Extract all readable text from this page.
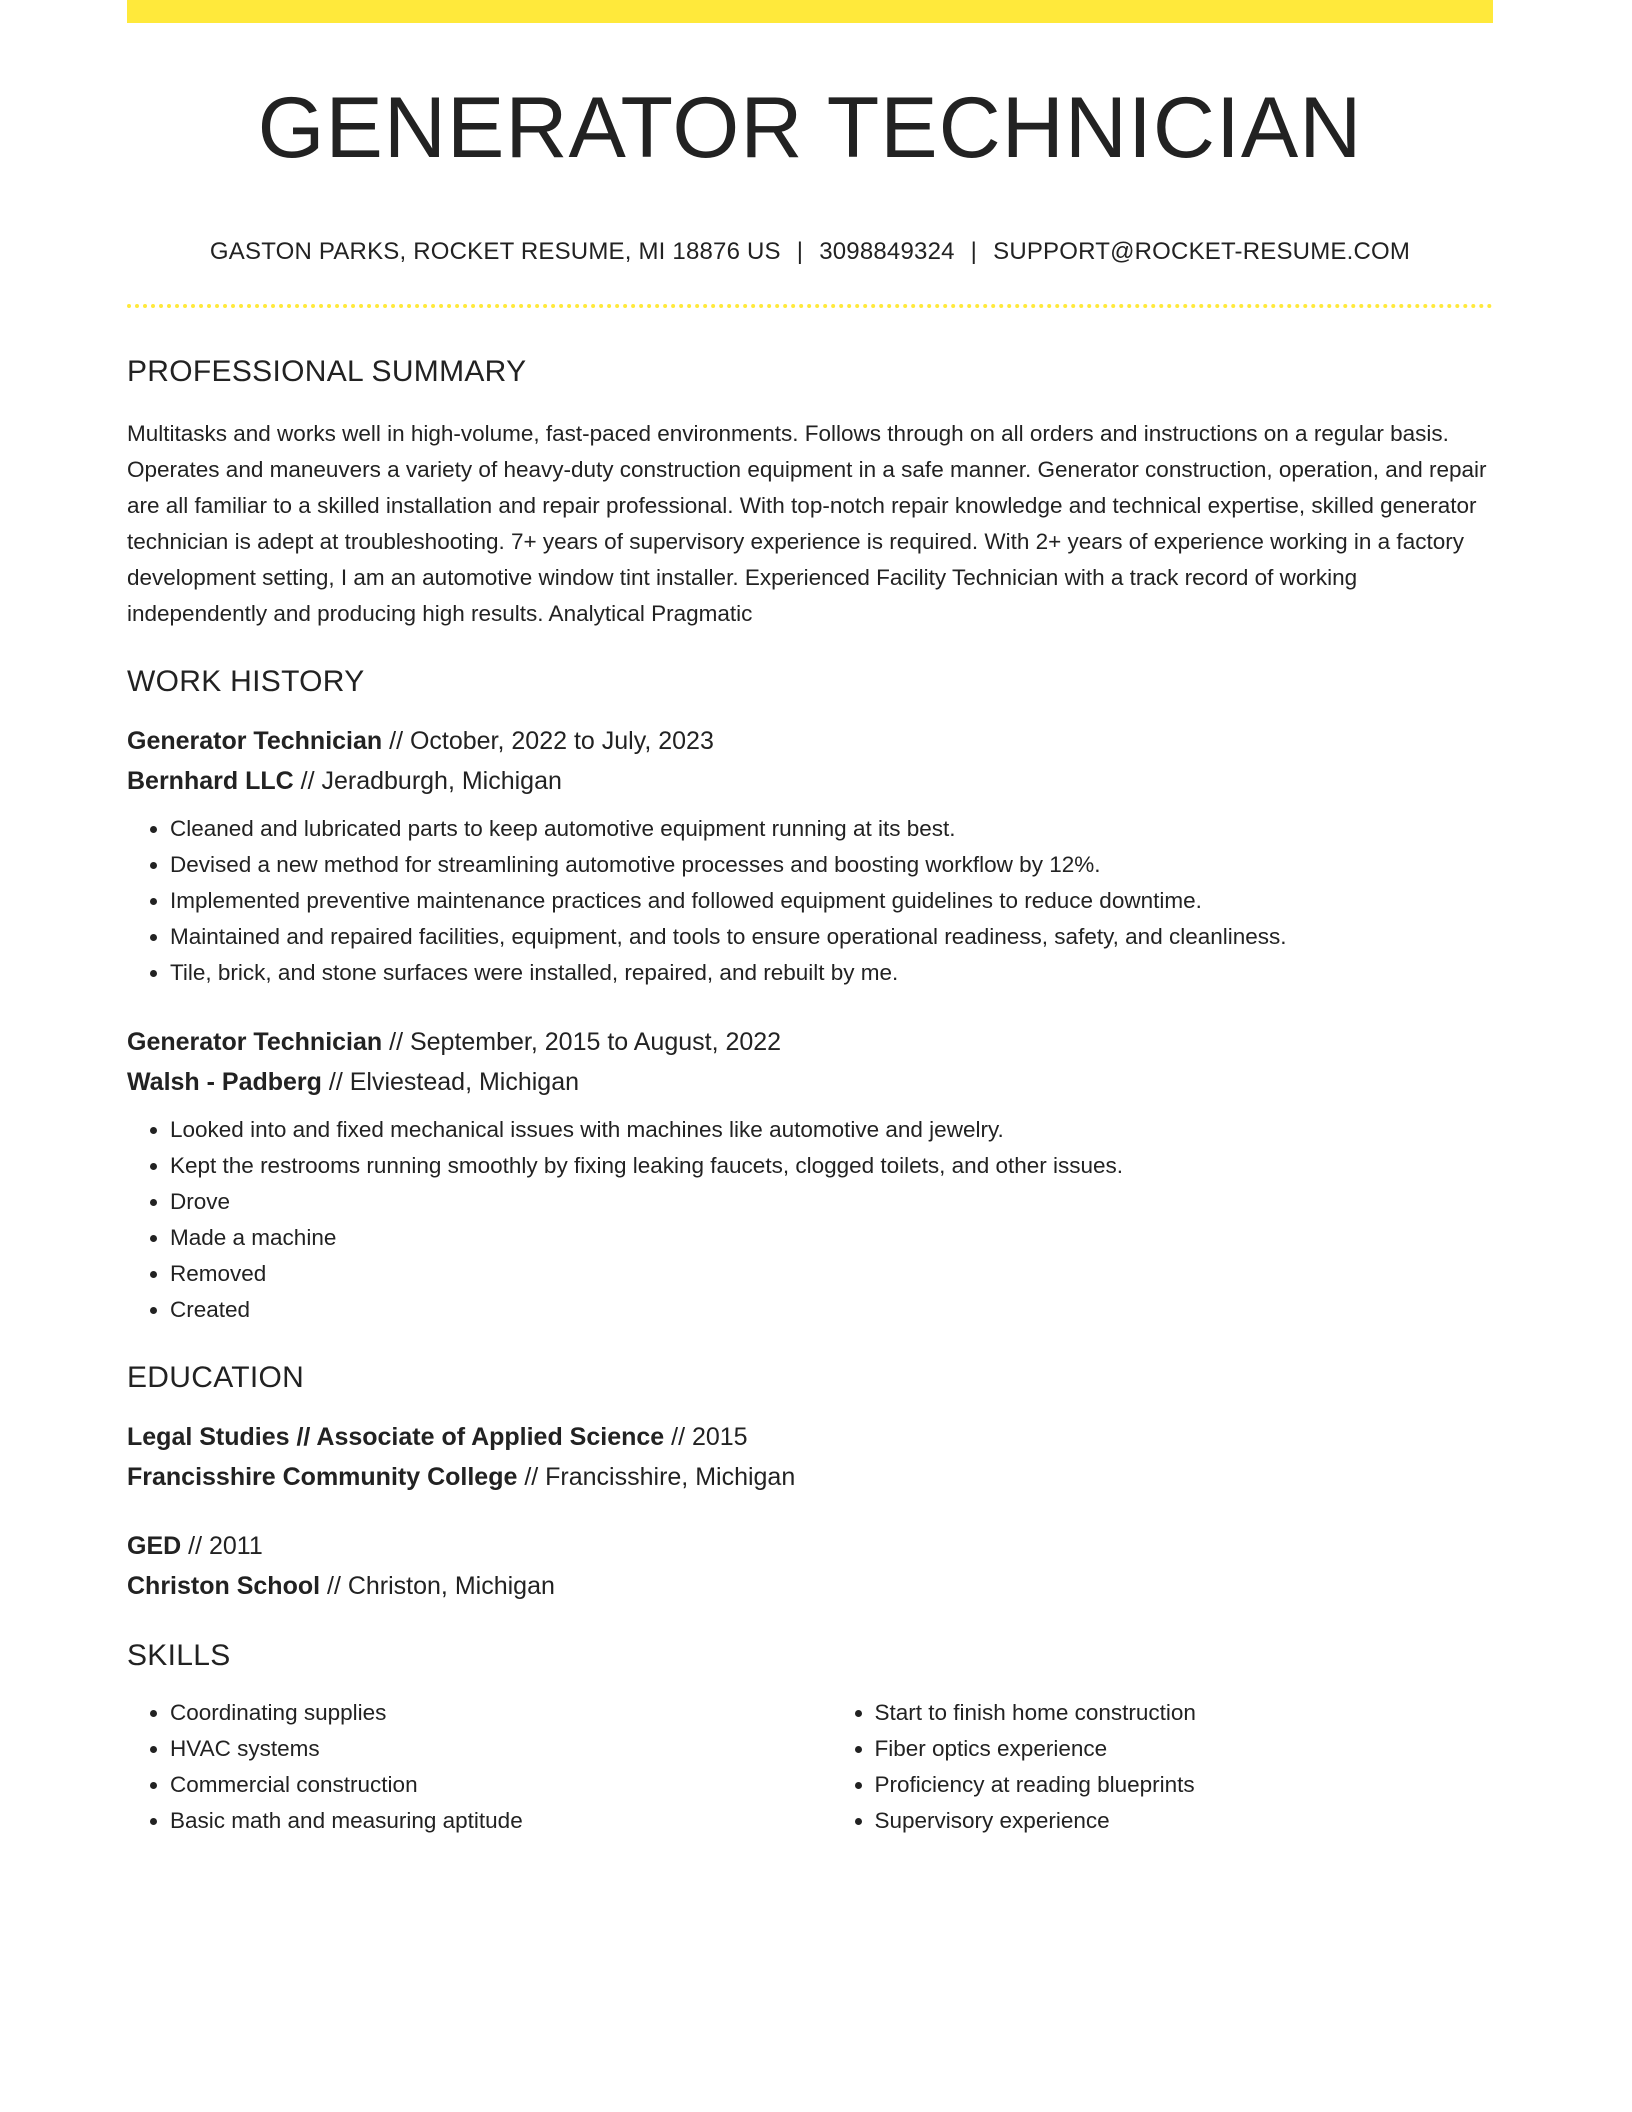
GENERATOR TECHNICIAN
GASTON PARKS, ROCKET RESUME, MI 18876 US | 3098849324 | SUPPORT@ROCKET-RESUME.COM
PROFESSIONAL SUMMARY
Multitasks and works well in high-volume, fast-paced environments. Follows through on all orders and instructions on a regular basis. Operates and maneuvers a variety of heavy-duty construction equipment in a safe manner. Generator construction, operation, and repair are all familiar to a skilled installation and repair professional. With top-notch repair knowledge and technical expertise, skilled generator technician is adept at troubleshooting. 7+ years of supervisory experience is required. With 2+ years of experience working in a factory development setting, I am an automotive window tint installer. Experienced Facility Technician with a track record of working independently and producing high results. Analytical Pragmatic
WORK HISTORY
Generator Technician // October, 2022 to July, 2023
Bernhard LLC // Jeradburgh, Michigan
• Cleaned and lubricated parts to keep automotive equipment running at its best.
• Devised a new method for streamlining automotive processes and boosting workflow by 12%.
• Implemented preventive maintenance practices and followed equipment guidelines to reduce downtime.
• Maintained and repaired facilities, equipment, and tools to ensure operational readiness, safety, and cleanliness.
• Tile, brick, and stone surfaces were installed, repaired, and rebuilt by me.
Generator Technician // September, 2015 to August, 2022
Walsh - Padberg // Elviestead, Michigan
• Looked into and fixed mechanical issues with machines like automotive and jewelry.
• Kept the restrooms running smoothly by fixing leaking faucets, clogged toilets, and other issues.
• Drove
• Made a machine
• Removed
• Created
EDUCATION
Legal Studies // Associate of Applied Science // 2015
Francisshire Community College // Francisshire, Michigan
GED // 2011
Christon School // Christon, Michigan
SKILLS
• Coordinating supplies
• HVAC systems
• Commercial construction
• Basic math and measuring aptitude
• Start to finish home construction
• Fiber optics experience
• Proficiency at reading blueprints
• Supervisory experience
